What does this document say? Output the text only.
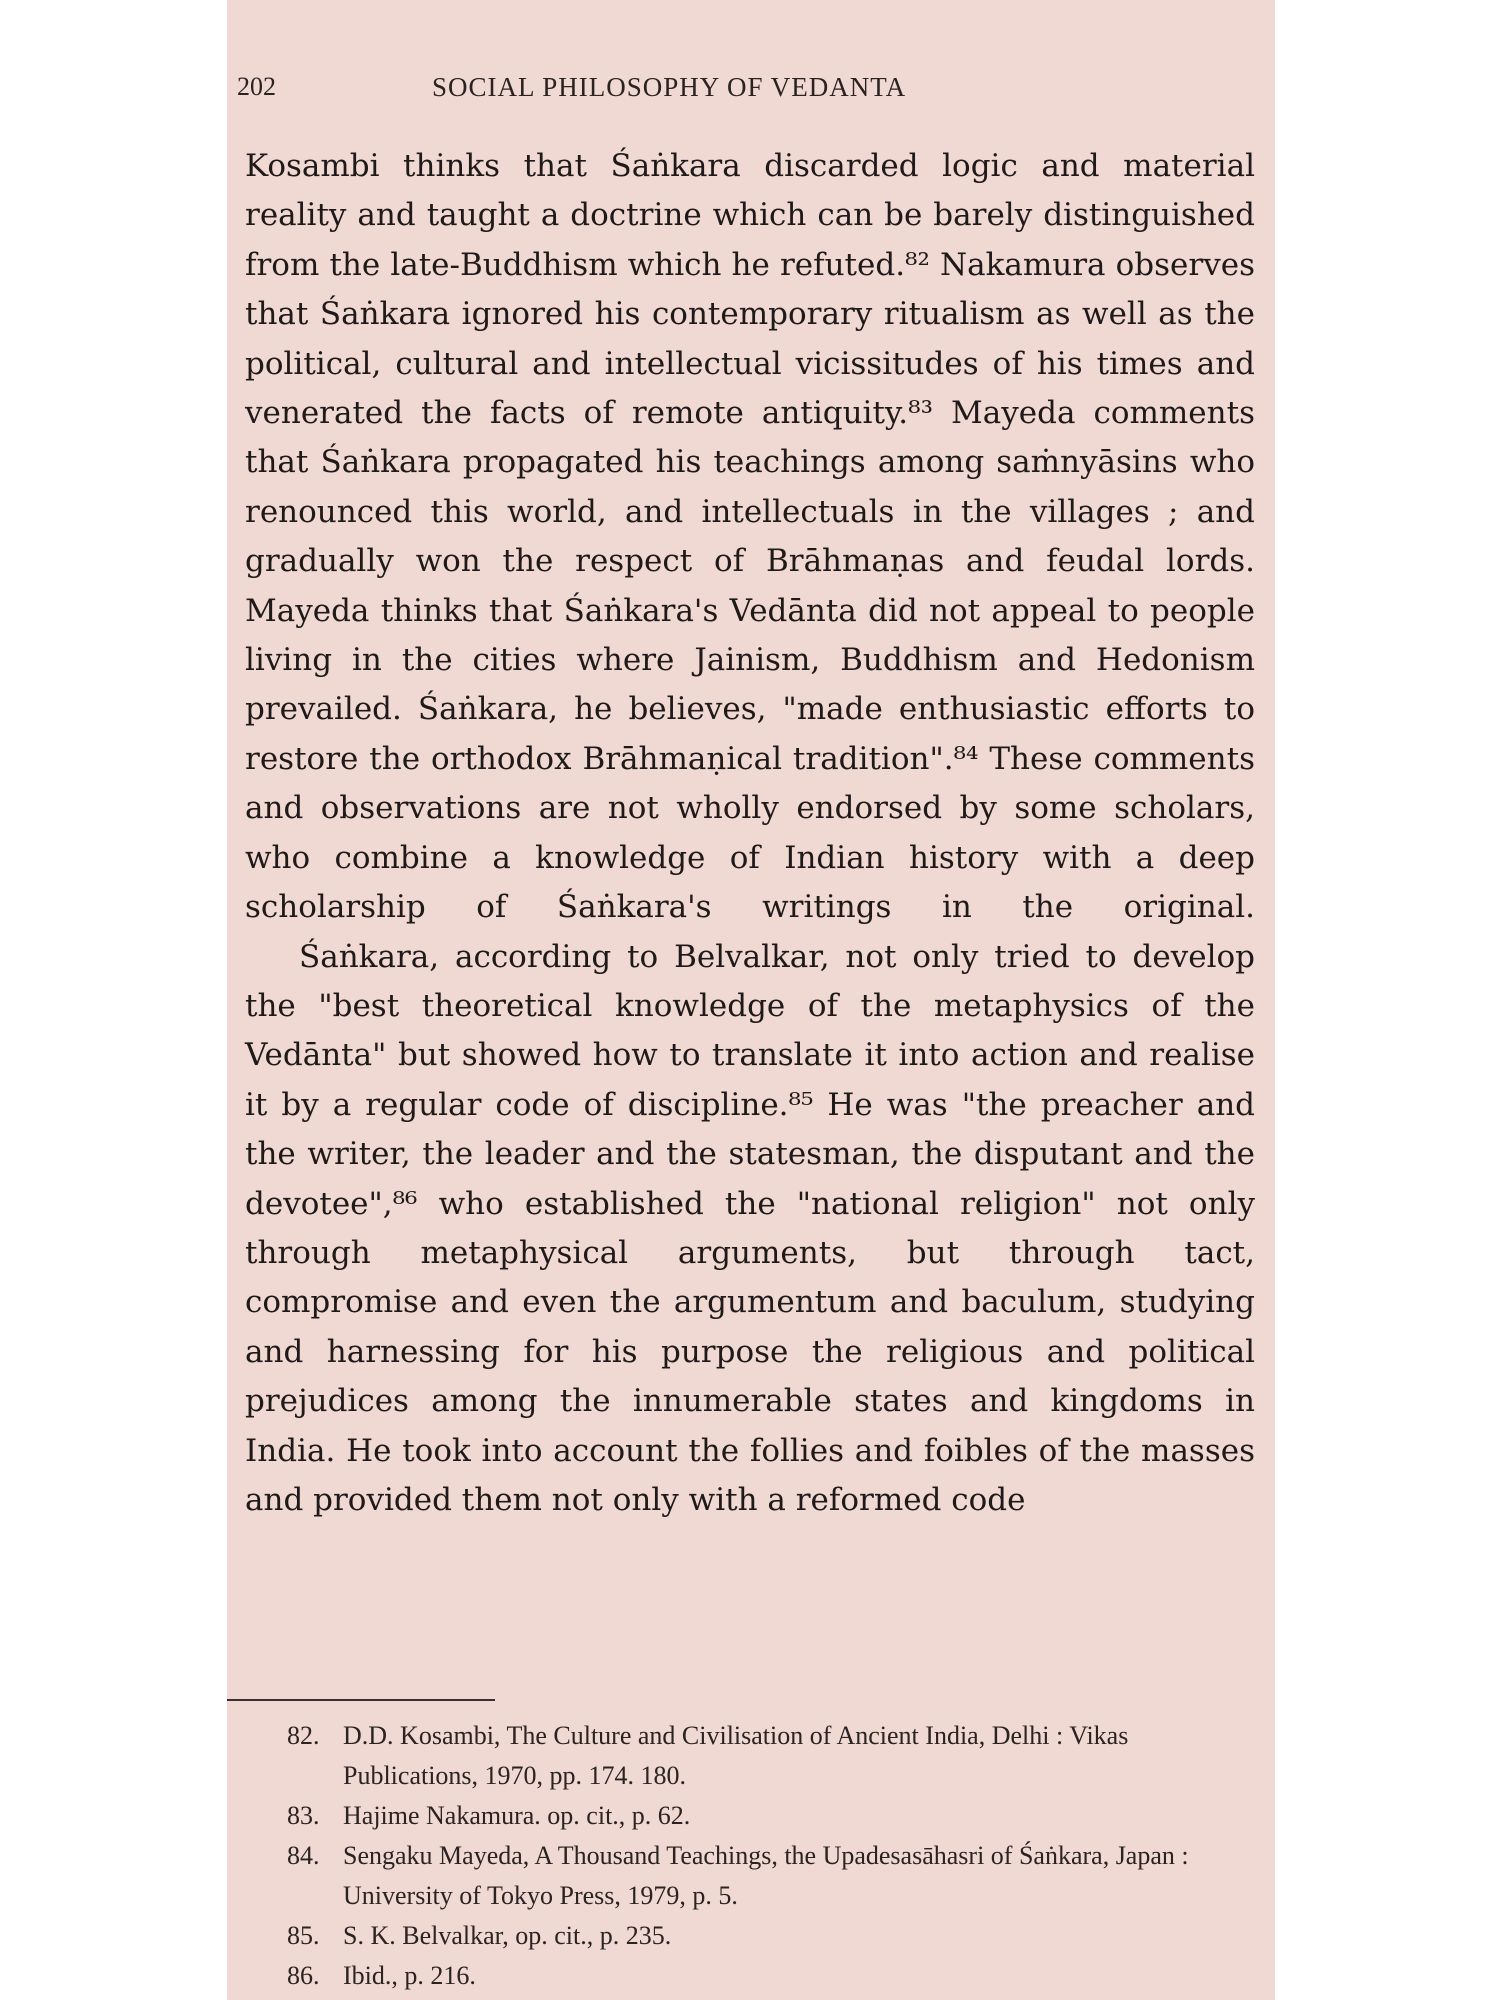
202	SOCIAL PHILOSOPHY OF VEDANTA

Kosambi thinks that Śaṅkara discarded logic and material reality and taught a doctrine which can be barely distinguished from the late-Buddhism which he refuted.⁸² Nakamura observes that Śaṅkara ignored his contemporary ritualism as well as the political, cultural and intellectual vicissitudes of his times and venerated the facts of remote antiquity.⁸³ Mayeda comments that Śaṅkara propagated his teachings among saṁnyāsins who renounced this world, and intellectuals in the villages ; and gradually won the respect of Brāhmaṇas and feudal lords. Mayeda thinks that Śaṅkara's Vedānta did not appeal to people living in the cities where Jainism, Buddhism and Hedonism prevailed. Śaṅkara, he believes, "made enthusiastic efforts to restore the orthodox Brāhmaṇical tradition".⁸⁴ These comments and observations are not wholly endorsed by some scholars, who combine a knowledge of Indian history with a deep scholarship of Śaṅkara's writings in the original.

Śaṅkara, according to Belvalkar, not only tried to develop the "best theoretical knowledge of the metaphysics of the Vedānta" but showed how to translate it into action and realise it by a regular code of discipline.⁸⁵ He was "the preacher and the writer, the leader and the statesman, the disputant and the devotee",⁸⁶ who established the "national religion" not only through metaphysical arguments, but through tact, compromise and even the argumentum and baculum, studying and harnessing for his purpose the religious and political prejudices among the innumerable states and kingdoms in India. He took into account the follies and foibles of the masses and provided them not only with a reformed code

82. D.D. Kosambi, The Culture and Civilisation of Ancient India, Delhi : Vikas Publications, 1970, pp. 174. 180.
83. Hajime Nakamura. op. cit., p. 62.
84. Sengaku Mayeda, A Thousand Teachings, the Upadesasāhasri of Śaṅkara, Japan : University of Tokyo Press, 1979, p. 5.
85. S. K. Belvalkar, op. cit., p. 235.
86. Ibid., p. 216.
